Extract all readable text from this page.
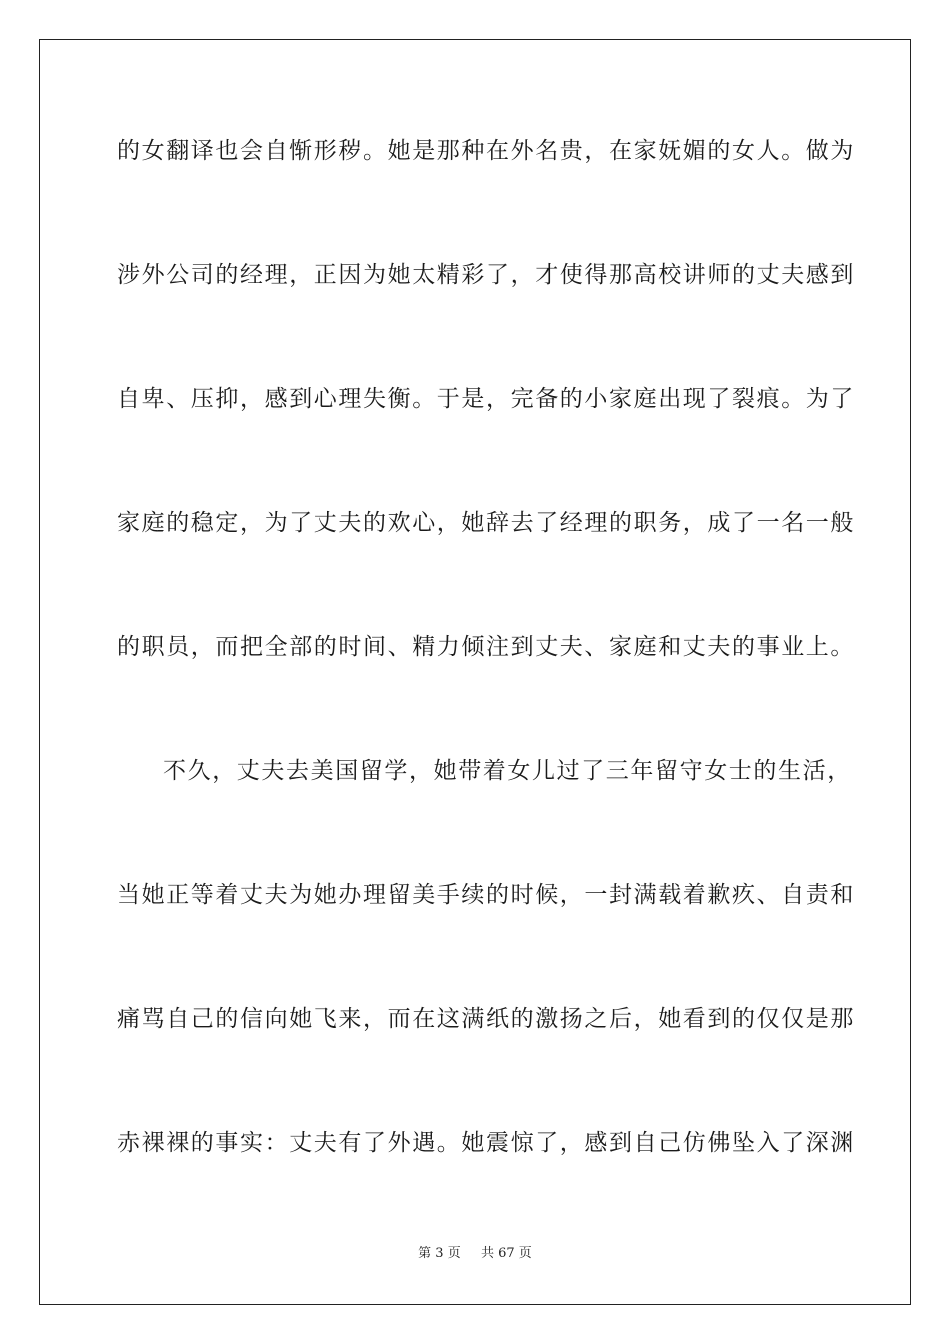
的女翻译也会自惭形秽。她是那种在外名贵，在家妩媚的女人。做为
涉外公司的经理，正因为她太精彩了，才使得那高校讲师的丈夫感到
自卑、压抑，感到心理失衡。于是，完备的小家庭出现了裂痕。为了
家庭的稳定，为了丈夫的欢心，她辞去了经理的职务，成了一名一般
的职员，而把全部的时间、精力倾注到丈夫、家庭和丈夫的事业上。
不久，丈夫去美国留学，她带着女儿过了三年留守女士的生活，
当她正等着丈夫为她办理留美手续的时候，一封满载着歉疚、自责和
痛骂自己的信向她飞来，而在这满纸的激扬之后，她看到的仅仅是那
赤裸裸的事实：丈夫有了外遇。她震惊了，感到自己仿佛坠入了深渊
第 3 页 共 67 页
